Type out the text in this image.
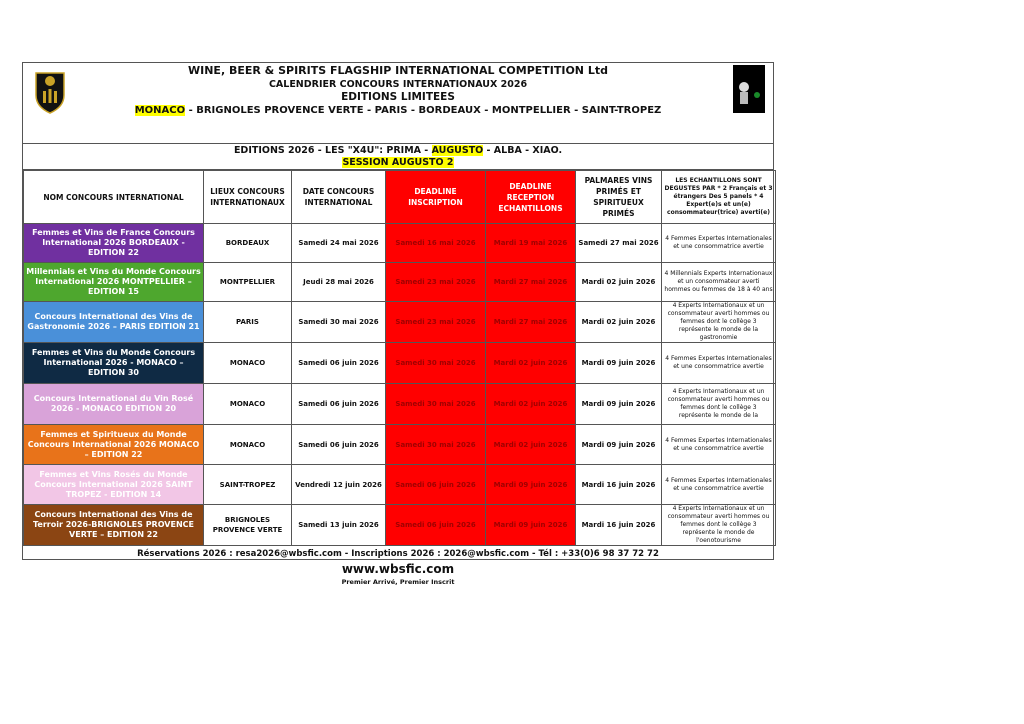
WINE, BEER & SPIRITS FLAGSHIP INTERNATIONAL COMPETITION Ltd
CALENDRIER CONCOURS INTERNATIONAUX 2026
EDITIONS LIMITEES
MONACO - BRIGNOLES PROVENCE VERTE - PARIS - BORDEAUX - MONTPELLIER - SAINT-TROPEZ
EDITIONS 2026 - LES "X4U": PRIMA - AUGUSTO - ALBA - XIAO.
SESSION AUGUSTO 2
NOM CONCOURS INTERNATIONAL	LIEUX CONCOURS INTERNATIONAUX	DATE CONCOURS INTERNATIONAL	DEADLINE INSCRIPTION	DEADLINE RECEPTION ECHANTILLONS	PALMARES VINS PRIMÉS ET SPIRITUEUX PRIMÉS	LES ECHANTILLONS SONT DEGUSTES PAR * 2 Français et 3 étrangers Des 5 panels * 4 Expert(e)s et un(e) consommateur(trice) averti(e)
Femmes et Vins de France Concours International 2026 BORDEAUX - EDITION 22	BORDEAUX	Samedi 24 mai 2026	Samedi 16 mai 2026	Mardi 19 mai 2026	Samedi 27 mai 2026	4 Femmes Expertes Internationales et une consommatrice avertie
Millennials et Vins du Monde Concours International 2026 MONTPELLIER – EDITION 15	MONTPELLIER	Jeudi 28 mai 2026	Samedi 23 mai 2026	Mardi 27 mai 2026	Mardi 02 juin 2026	4 Millennials Experts Internationaux et un consommateur averti hommes ou femmes de 18 à 40 ans
Concours International des Vins de Gastronomie 2026 – PARIS EDITION 21	PARIS	Samedi 30 mai 2026	Samedi 23 mai 2026	Mardi 27 mai 2026	Mardi 02 juin 2026	4 Experts Internationaux et un consommateur averti hommes ou femmes dont le collège 3 représente le monde de la gastronomie
Femmes et Vins du Monde Concours International 2026 - MONACO – EDITION 30	MONACO	Samedi 06 juin 2026	Samedi 30 mai 2026	Mardi 02 juin 2026	Mardi 09 juin 2026	4 Femmes Expertes Internationales et une consommatrice avertie
Concours International du Vin Rosé 2026 - MONACO EDITION 20	MONACO	Samedi 06 juin 2026	Samedi 30 mai 2026	Mardi 02 juin 2026	Mardi 09 juin 2026	4 Experts Internationaux et un consommateur averti hommes ou femmes dont le collège 3 représente le monde de la
Femmes et Spiritueux du Monde Concours International 2026 MONACO – EDITION 22	MONACO	Samedi 06 juin 2026	Samedi 30 mai 2026	Mardi 02 juin 2026	Mardi 09 juin 2026	4 Femmes Expertes Internationales et une consommatrice avertie
Femmes et Vins Rosés du Monde Concours International 2026 SAINT TROPEZ - EDITION 14	SAINT-TROPEZ	Vendredi 12 juin 2026	Samedi 06 juin 2026	Mardi 09 juin 2026	Mardi 16 juin 2026	4 Femmes Expertes Internationales et une consommatrice avertie
Concours International des Vins de Terroir 2026-BRIGNOLES PROVENCE VERTE – EDITION 22	BRIGNOLES PROVENCE VERTE	Samedi 13 juin 2026	Samedi 06 juin 2026	Mardi 09 juin 2026	Mardi 16 juin 2026	4 Experts Internationaux et un consommateur averti hommes ou femmes dont le collège 3 représente le monde de l'oenotourisme
Réservations 2026 : resa2026@wbsfic.com - Inscriptions 2026 : 2026@wbsfic.com - Tél : +33(0)6 98 37 72 72
www.wbsfic.com
Premier Arrivé, Premier Inscrit
